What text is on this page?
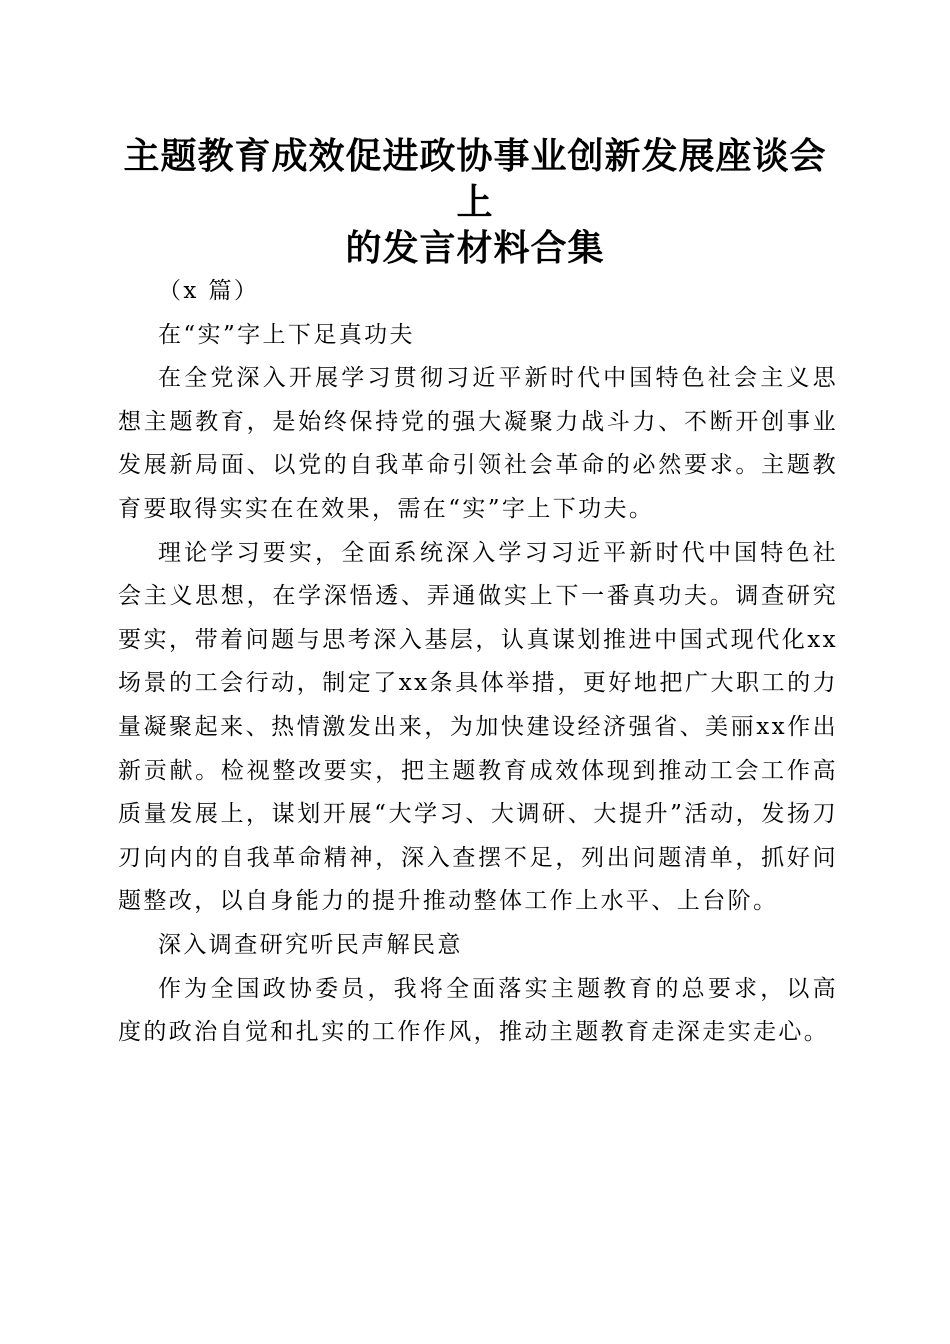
主题教育成效促进政协事业创新发展座谈会上
的发言材料合集

（x 篇）

在“实”字上下足真功夫

在全党深入开展学习贯彻习近平新时代中国特色社会主义思想主题教育，是始终保持党的强大凝聚力战斗力、不断开创事业发展新局面、以党的自我革命引领社会革命的必然要求。主题教育要取得实实在在效果，需在“实”字上下功夫。

理论学习要实，全面系统深入学习习近平新时代中国特色社会主义思想，在学深悟透、弄通做实上下一番真功夫。调查研究要实，带着问题与思考深入基层，认真谋划推进中国式现代化xx场景的工会行动，制定了xx条具体举措，更好地把广大职工的力量凝聚起来、热情激发出来，为加快建设经济强省、美丽xx作出新贡献。检视整改要实，把主题教育成效体现到推动工会工作高质量发展上，谋划开展“大学习、大调研、大提升”活动，发扬刀刃向内的自我革命精神，深入查摆不足，列出问题清单，抓好问题整改，以自身能力的提升推动整体工作上水平、上台阶。

深入调查研究听民声解民意

作为全国政协委员，我将全面落实主题教育的总要求，以高度的政治自觉和扎实的工作作风，推动主题教育走深走实走心。
